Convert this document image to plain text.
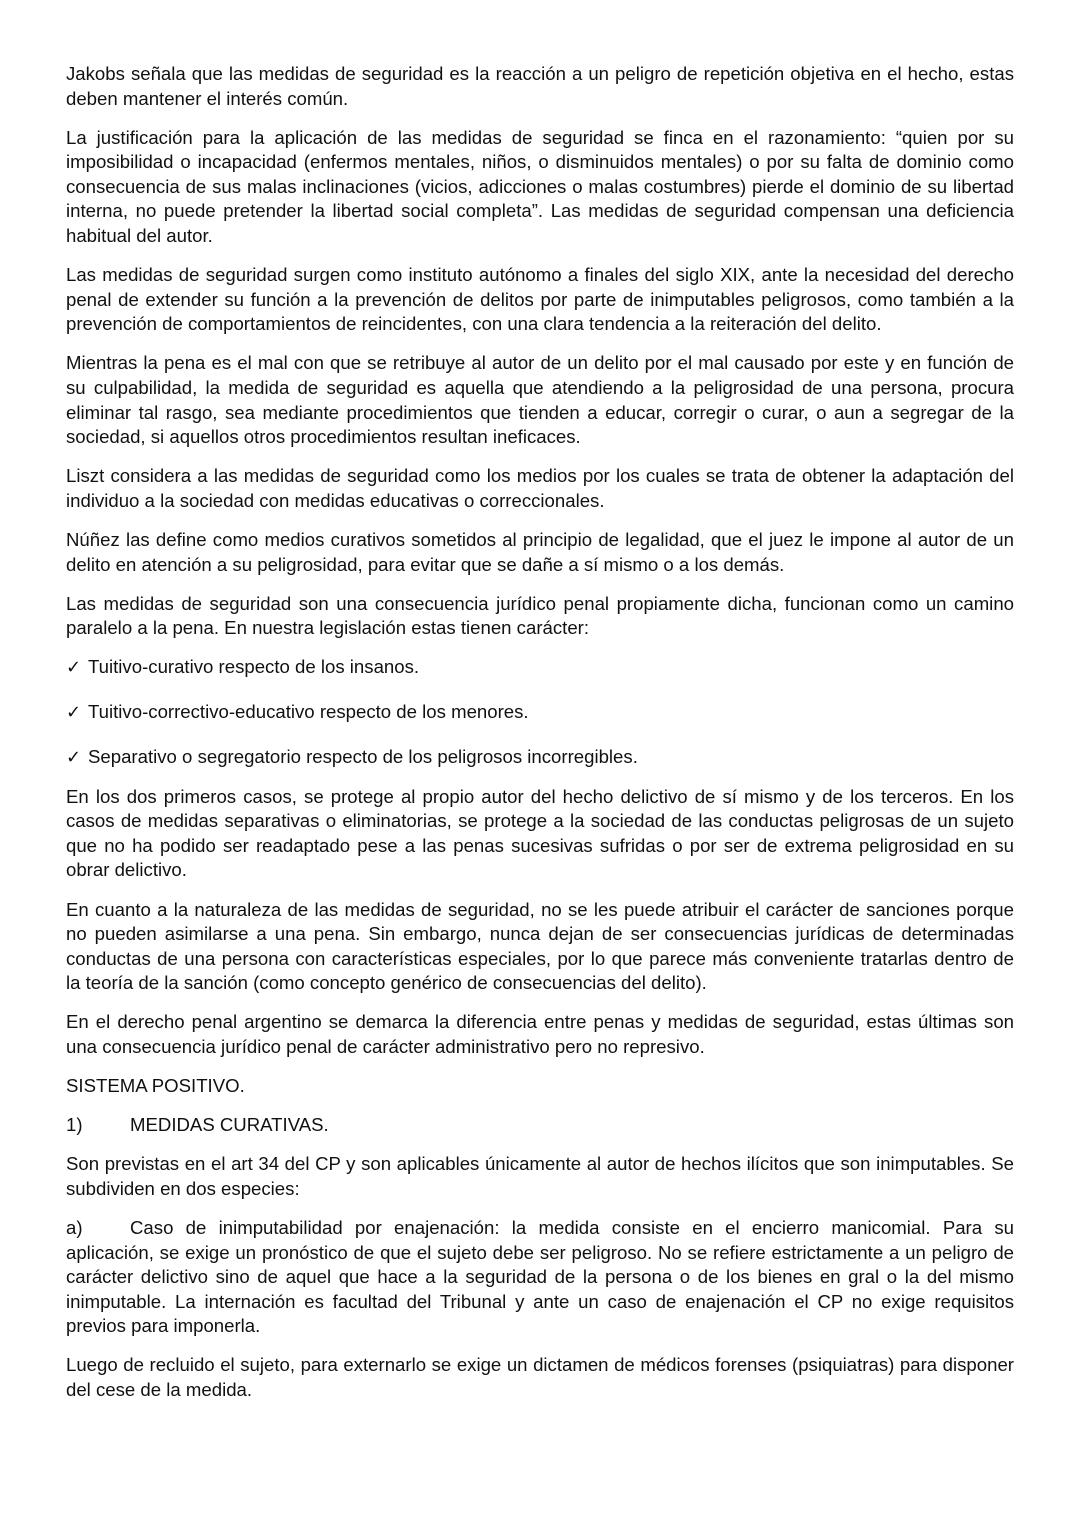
Jakobs señala que las medidas de seguridad es la reacción a un peligro de repetición objetiva en el hecho, estas deben mantener el interés común.

La justificación para la aplicación de las medidas de seguridad se finca en el razonamiento: “quien por su imposibilidad o incapacidad (enfermos mentales, niños, o disminuidos mentales) o por su falta de dominio como consecuencia de sus malas inclinaciones (vicios, adicciones o malas costumbres) pierde el dominio de su libertad interna, no puede pretender la libertad social completa”. Las medidas de seguridad compensan una deficiencia habitual del autor.

Las medidas de seguridad surgen como instituto autónomo a finales del siglo XIX, ante la necesidad del derecho penal de extender su función a la prevención de delitos por parte de inimputables peligrosos, como también a la prevención de comportamientos de reincidentes, con una clara tendencia a la reiteración del delito.

Mientras la pena es el mal con que se retribuye al autor de un delito por el mal causado por este y en función de su culpabilidad, la medida de seguridad es aquella que atendiendo a la peligrosidad de una persona, procura eliminar tal rasgo, sea mediante procedimientos que tienden a educar, corregir o curar, o aun a segregar de la sociedad, si aquellos otros procedimientos resultan ineficaces.

Liszt considera a las medidas de seguridad como los medios por los cuales se trata de obtener la adaptación del individuo a la sociedad con medidas educativas o correccionales.

Núñez las define como medios curativos sometidos al principio de legalidad, que el juez le impone al autor de un delito en atención a su peligrosidad, para evitar que se dañe a sí mismo o a los demás.

Las medidas de seguridad son una consecuencia jurídico penal propiamente dicha, funcionan como un camino paralelo a la pena. En nuestra legislación estas tienen carácter:

✓ Tuitivo-curativo respecto de los insanos.
✓ Tuitivo-correctivo-educativo respecto de los menores.
✓ Separativo o segregatorio respecto de los peligrosos incorregibles.

En los dos primeros casos, se protege al propio autor del hecho delictivo de sí mismo y de los terceros. En los casos de medidas separativas o eliminatorias, se protege a la sociedad de las conductas peligrosas de un sujeto que no ha podido ser readaptado pese a las penas sucesivas sufridas o por ser de extrema peligrosidad en su obrar delictivo.

En cuanto a la naturaleza de las medidas de seguridad, no se les puede atribuir el carácter de sanciones porque no pueden asimilarse a una pena. Sin embargo, nunca dejan de ser consecuencias jurídicas de determinadas conductas de una persona con características especiales, por lo que parece más conveniente tratarlas dentro de la teoría de la sanción (como concepto genérico de consecuencias del delito).

En el derecho penal argentino se demarca la diferencia entre penas y medidas de seguridad, estas últimas son una consecuencia jurídico penal de carácter administrativo pero no represivo.

SISTEMA POSITIVO.

1)	MEDIDAS CURATIVAS.

Son previstas en el art 34 del CP y son aplicables únicamente al autor de hechos ilícitos que son inimputables. Se subdividen en dos especies:

a)	Caso de inimputabilidad por enajenación: la medida consiste en el encierro manicomial. Para su aplicación, se exige un pronóstico de que el sujeto debe ser peligroso. No se refiere estrictamente a un peligro de carácter delictivo sino de aquel que hace a la seguridad de la persona o de los bienes en gral o la del mismo inimputable. La internación es facultad del Tribunal y ante un caso de enajenación el CP no exige requisitos previos para imponerla.

Luego de recluido el sujeto, para externarlo se exige un dictamen de médicos forenses (psiquiatras) para disponer del cese de la medida.
